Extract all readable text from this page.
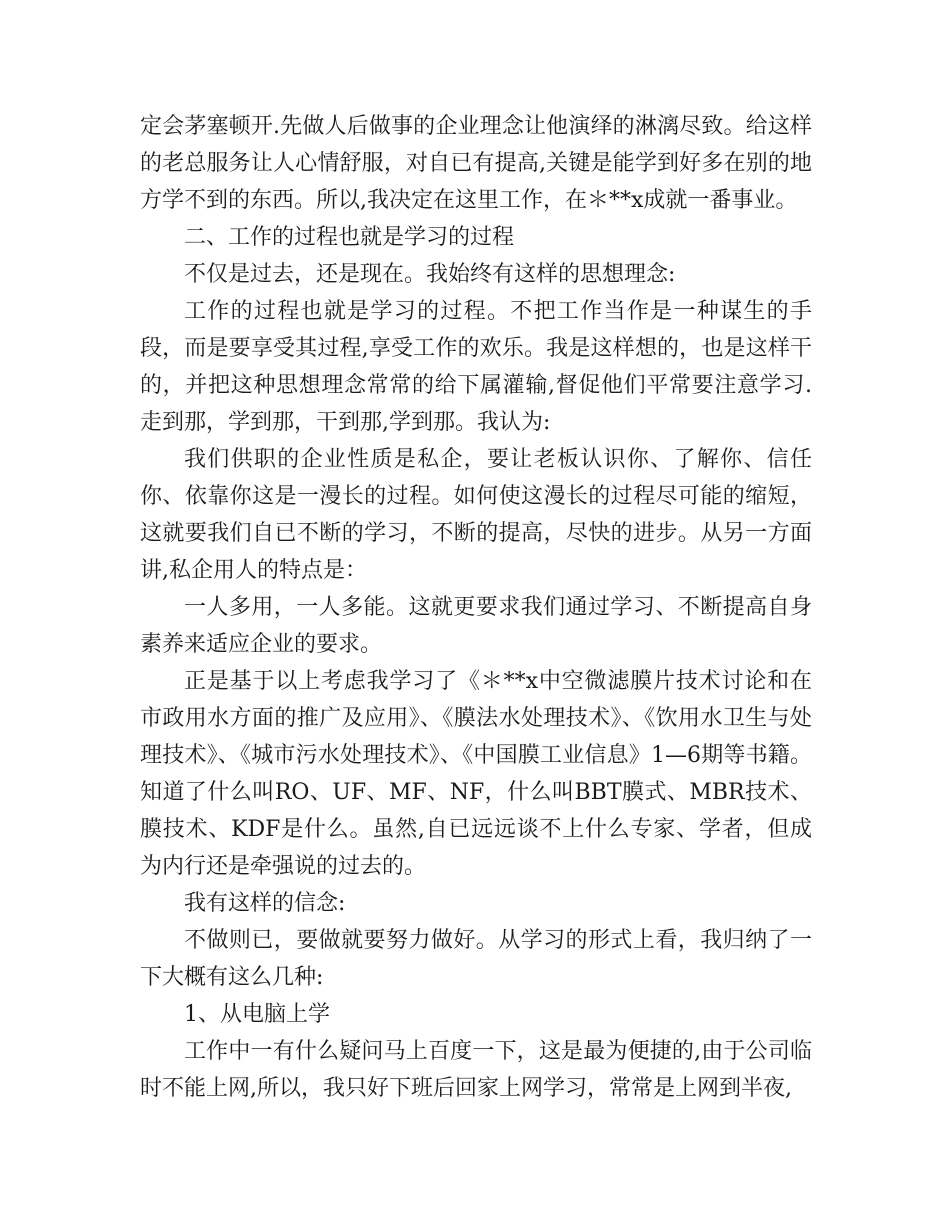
定会茅塞顿开.先做人后做事的企业理念让他演绎的淋漓尽致。给这样的老总服务让人心情舒服，对自已有提高,关键是能学到好多在别的地方学不到的东西。所以,我决定在这里工作，在＊**x成就一番事业。

二、工作的过程也就是学习的过程

不仅是过去，还是现在。我始终有这样的思想理念:

工作的过程也就是学习的过程。不把工作当作是一种谋生的手段，而是要享受其过程,享受工作的欢乐。我是这样想的，也是这样干的，并把这种思想理念常常的给下属灌输,督促他们平常要注意学习.走到那，学到那，干到那,学到那。我认为:

我们供职的企业性质是私企，要让老板认识你、了解你、信任你、依靠你这是一漫长的过程。如何使这漫长的过程尽可能的缩短，这就要我们自已不断的学习，不断的提高，尽快的进步。从另一方面讲,私企用人的特点是：

一人多用，一人多能。这就更要求我们通过学习、不断提高自身素养来适应企业的要求。

正是基于以上考虑我学习了《＊**x中空微滤膜片技术讨论和在市政用水方面的推广及应用》、《膜法水处理技术》、《饮用水卫生与处理技术》、《城市污水处理技术》、《中国膜工业信息》1—6期等书籍。知道了什么叫RO、UF、MF、NF，什么叫BBT膜式、MBR技术、膜技术、KDF是什么。虽然,自已远远谈不上什么专家、学者，但成为内行还是牵强说的过去的。

我有这样的信念:

不做则已，要做就要努力做好。从学习的形式上看，我归纳了一下大概有这么几种:

1、从电脑上学

工作中一有什么疑问马上百度一下，这是最为便捷的,由于公司临时不能上网,所以，我只好下班后回家上网学习，常常是上网到半夜,
